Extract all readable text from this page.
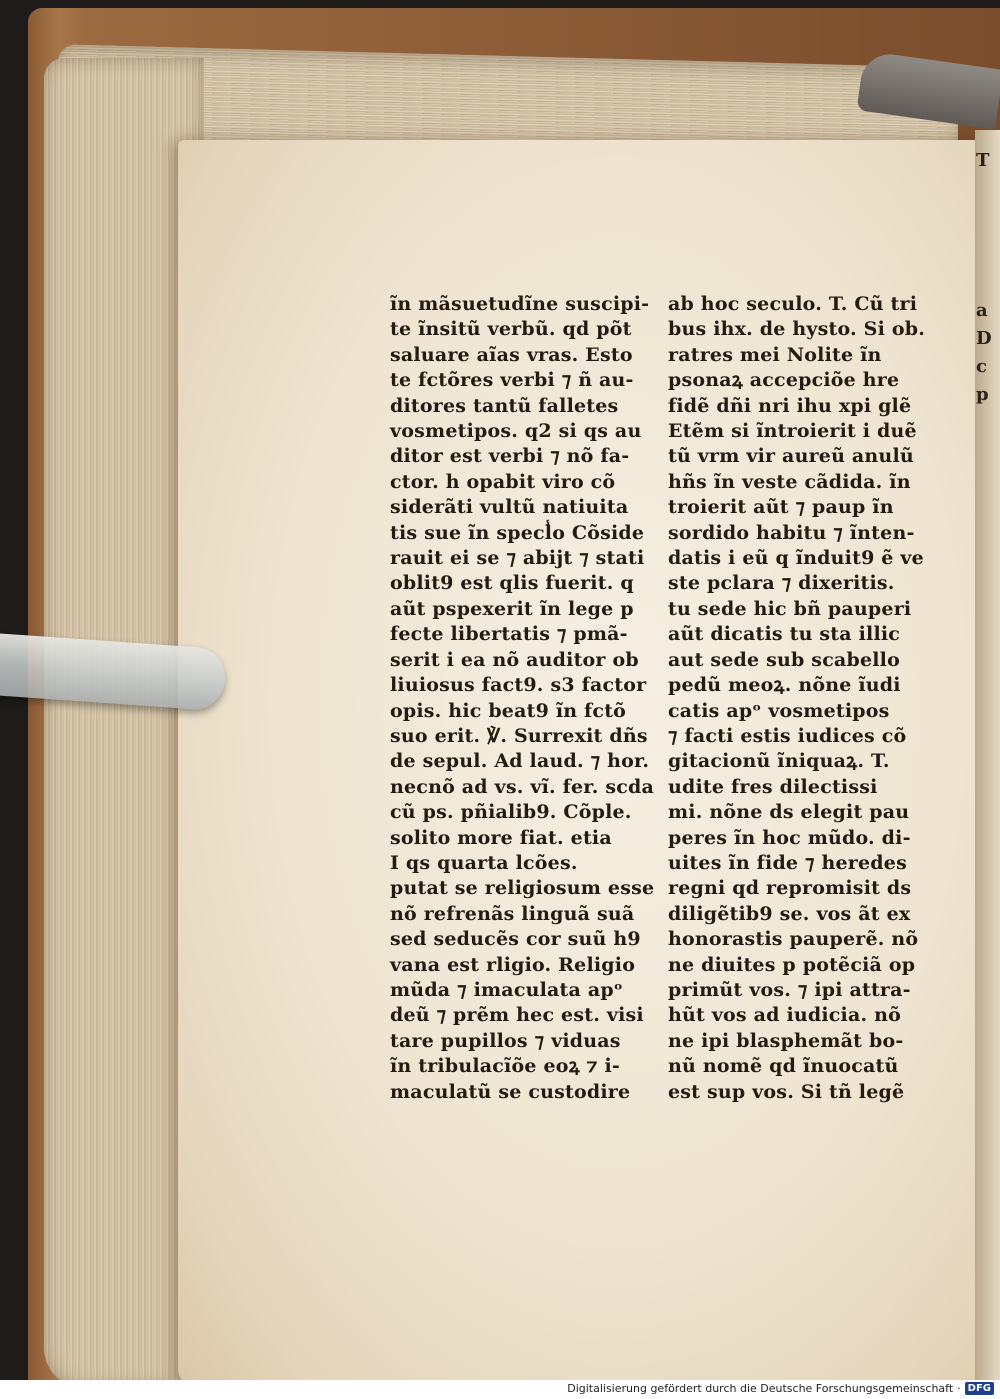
T
a
D
c
p
ĩn mãsuetudĩne suscipi-
te ĩnsitũ verbũ. qd põt
saluare aĩas vras. Esto
te fctõres verbi ⁊ ñ au-
ditores tantũ falletes
vosmetipos. q2 si qs au
ditor est verbi ⁊ nõ fa-
ctor. h opabit viro cõ
siderãti vultũ natiuita
tis sue ĩn specl̾o Cõside
rauit ei se ⁊ abijt ⁊ stati
oblit9 est qlis fuerit. q
aũt pspexerit ĩn lege p
fecte libertatis ⁊ pmã-
serit i ea nõ auditor ob
liuiosus fact9. s3 factor
opis. hic beat9 ĩn fctõ
suo erit. ℣. Surrexit dñs
de sepul. Ad laud. ⁊ hor.
necnõ ad vs. vĩ. fer. scda
cũ ps. pñialib9. Cõple.
solito more fiat. etia
I qs quarta lcões.
putat se religiosum esse
nõ refrenãs linguã suã
sed seducẽs cor suũ h9
vana est rligio. Religio
mũda ⁊ imaculata apᵒ
deũ ⁊ prẽm hec est. visi
tare pupillos ⁊ viduas
ĩn tribulacĩõe eoꝝ ⁊ i-
maculatũ se custodire
ab hoc seculo. T. Cũ tri
bus ihx. de hysto. Si ob.
ratres mei Nolite ĩn
psonaꝝ accepciõe hre
fidẽ dñi nri ihu xpi glẽ
Etẽm si ĩntroierit i duẽ
tũ vrm vir aureũ anulũ
hñs ĩn veste cãdida. ĩn
troierit aũt ⁊ paup ĩn
sordido habitu ⁊ ĩnten-
datis i eũ q ĩnduit9 ẽ ve
ste pclara ⁊ dixeritis.
tu sede hic bñ pauperi
aũt dicatis tu sta illic
aut sede sub scabello
pedũ meoꝝ. nõne ĩudi
catis apᵒ vosmetipos
⁊ facti estis iudices cõ
gitacionũ ĩniquaꝝ. T.
udite fres dilectissi
mi. nõne ds elegit pau
peres ĩn hoc mũdo. di-
uites ĩn fide ⁊ heredes
regni qd repromisit ds
diligẽtib9 se. vos ãt ex
honorastis pauperẽ. nõ
ne diuites p potẽciã op
primũt vos. ⁊ ipi attra-
hũt vos ad iudicia. nõ
ne ipi blasphemãt bo-
nũ nomẽ qd ĩnuocatũ
est sup vos. Si tñ legẽ
Digitalisierung gefördert durch die Deutsche Forschungsgemeinschaft · DFG
